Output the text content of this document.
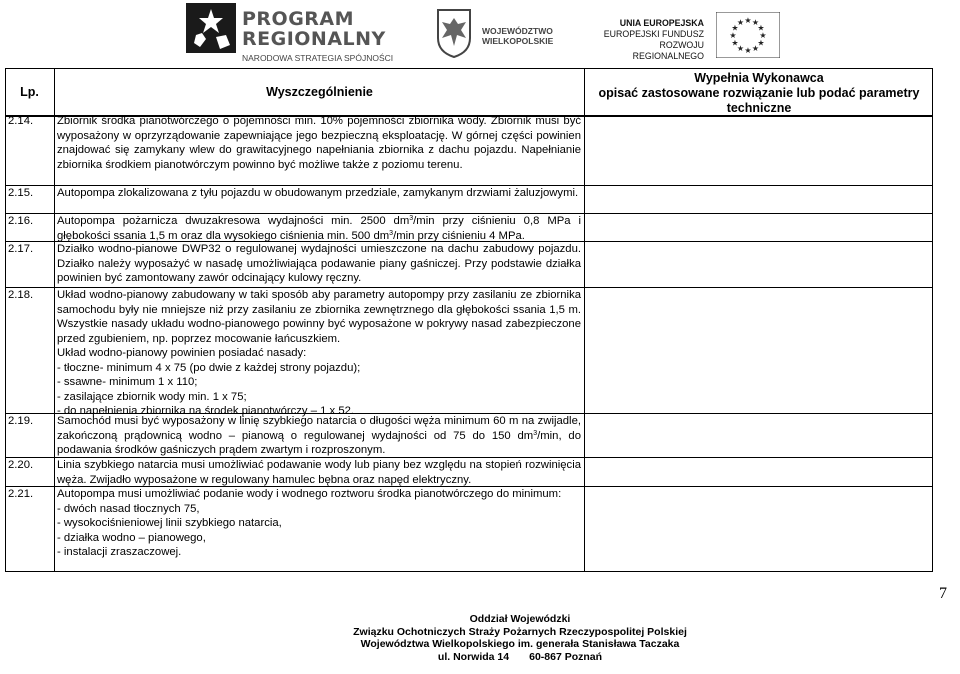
PROGRAM
REGIONALNY
NARODOWA STRATEGIA SPÓJNOŚCI
WOJEWÓDZTWO
WIELKOPOLSKIE
UNIA EUROPEJSKA
EUROPEJSKI FUNDUSZ
ROZWOJU REGIONALNEGO
★
★
★
★
★
★
★
★
★ ★ ★
★
Lp.	Wyszczególnienie
Wypełnia Wykonawca
opisać zastosowane rozwiązanie lub podać parametry techniczne
2.14. Zbiornik środka pianotwórczego o pojemności min. 10% pojemności zbiornika wody. Zbiornik musi być wyposażony w oprzyrządowanie zapewniające jego bezpieczną eksploatację. W górnej części powinien znajdować się zamykany wlew do grawitacyjnego napełniania zbiornika z dachu pojazdu. Napełnianie zbiornika środkiem pianotwórczym powinno być możliwe także z poziomu terenu.

2.15. Autopompa zlokalizowana z tyłu pojazdu w obudowanym przedziale, zamykanym drzwiami żaluzjowymi.

2.16. Autopompa pożarnicza dwuzakresowa wydajności min. 2500 $dm^3/\min$ przy ciśnieniu 0,8 MPa i głębokości ssania 1,5 m oraz dla wysokiego ciśnienia min. 500 $dm^3/\min$ przy ciśnieniu 4 MPa.

2.17. Działko wodno-pianowe DWP32 o regulowanej wydajności umieszczone na dachu zabudowy pojazdu. Działko należy wyposażyć w nasadę umożliwiająca podawanie piany gaśniczej. Przy podstawie działka powinien być zamontowany zawór odcinający kulowy ręczny.

2.18. Układ wodno-pianowy zabudowany w taki sposób aby parametry autopompy przy zasilaniu ze zbiornika samochodu były nie mniejsze niż przy zasilaniu ze zbiornika zewnętrznego dla głębokości ssania 1,5 m. Wszystkie nasady układu wodno-pianowego powinny być wyposażone w pokrywy nasad zabezpieczone przed zgubieniem, np. poprzez mocowanie łańcuszkiem.

Układ wodno-pianowy powinien posiadać nasady:

- tłoczne- minimum 4 x 75 (po dwie z każdej strony pojazdu);

- ssawne- minimum 1 x 110;

- zasilające zbiornik wody min. 1 x 75;

- do napełnienia zbiornika na środek pianotwórczy – 1 x 52.

2.19. Samochód musi być wyposażony w linię szybkiego natarcia o długości węża minimum 60 m na zwijadle, zakończoną prądownicą wodno – pianową o regulowanej wydajności od 75 do 150 $dm^3/\min$, do podawania środków gaśniczych prądem zwartym i rozproszonym.

2.20. Linia szybkiego natarcia musi umożliwiać podawanie wody lub piany bez względu na stopień rozwinięcia węża. Zwijadło wyposażone w regulowany hamulec bębna oraz napęd elektryczny.

2.21. Autopompa musi umożliwiać podanie wody i wodnego roztworu środka pianotwórczego do minimum:

- dwóch nasad tłocznych 75,

- wysokociśnieniowej linii szybkiego natarcia,

- działka wodno – pianowego,

- instalacji zraszaczowej.

7
Oddział Wojewódzki
Związku Ochotniczych Straży Pożarnych Rzeczypospolitej Polskiej
Województwa Wielkopolskiego im. generała Stanisława Taczaka
ul. Norwida 14 60-867 Poznań
